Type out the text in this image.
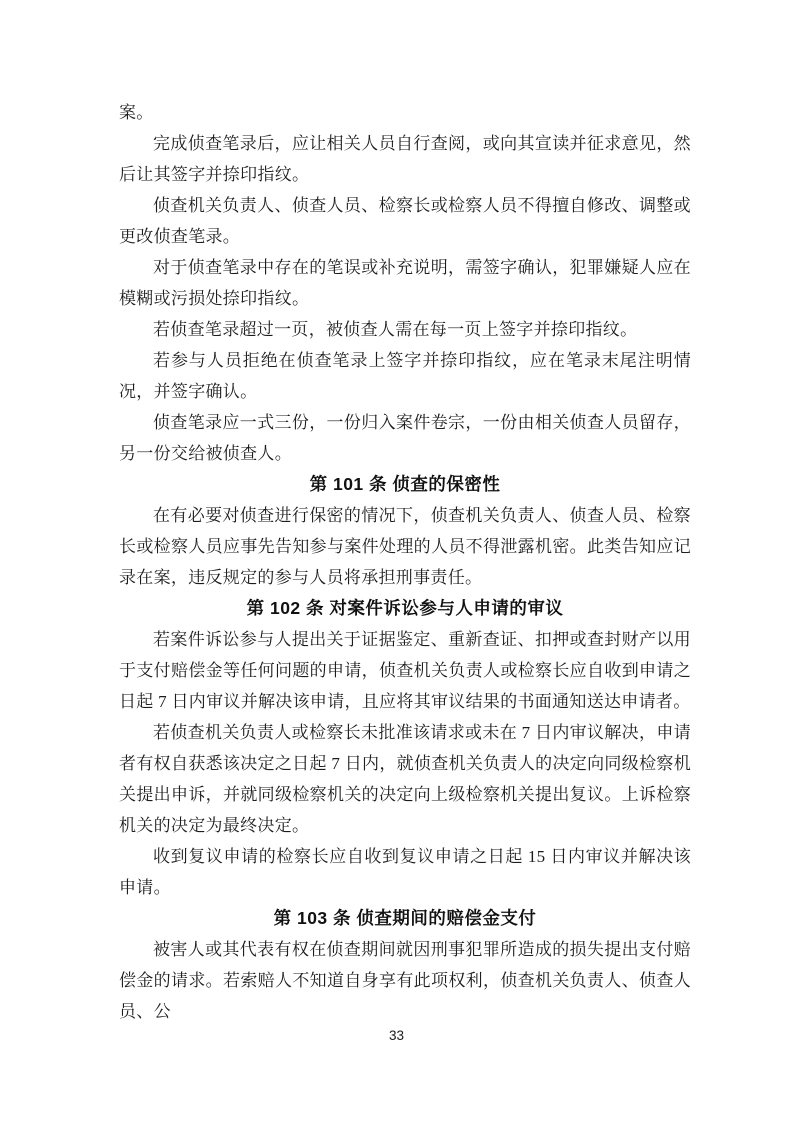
案。

完成侦查笔录后，应让相关人员自行查阅，或向其宣读并征求意见，然后让其签字并捺印指纹。

侦查机关负责人、侦查人员、检察长或检察人员不得擅自修改、调整或更改侦查笔录。

对于侦查笔录中存在的笔误或补充说明，需签字确认，犯罪嫌疑人应在模糊或污损处捺印指纹。

若侦查笔录超过一页，被侦查人需在每一页上签字并捺印指纹。

若参与人员拒绝在侦查笔录上签字并捺印指纹，应在笔录末尾注明情况，并签字确认。

侦查笔录应一式三份，一份归入案件卷宗，一份由相关侦查人员留存，另一份交给被侦查人。

第 101 条 侦查的保密性

在有必要对侦查进行保密的情况下，侦查机关负责人、侦查人员、检察长或检察人员应事先告知参与案件处理的人员不得泄露机密。此类告知应记录在案，违反规定的参与人员将承担刑事责任。

第 102 条 对案件诉讼参与人申请的审议

若案件诉讼参与人提出关于证据鉴定、重新查证、扣押或查封财产以用于支付赔偿金等任何问题的申请，侦查机关负责人或检察长应自收到申请之日起 7 日内审议并解决该申请，且应将其审议结果的书面通知送达申请者。

若侦查机关负责人或检察长未批准该请求或未在 7 日内审议解决，申请者有权自获悉该决定之日起 7 日内，就侦查机关负责人的决定向同级检察机关提出申诉，并就同级检察机关的决定向上级检察机关提出复议。上诉检察机关的决定为最终决定。

收到复议申请的检察长应自收到复议申请之日起 15 日内审议并解决该申请。

第 103 条 侦查期间的赔偿金支付

被害人或其代表有权在侦查期间就因刑事犯罪所造成的损失提出支付赔偿金的请求。若索赔人不知道自身享有此项权利，侦查机关负责人、侦查人员、公

33
